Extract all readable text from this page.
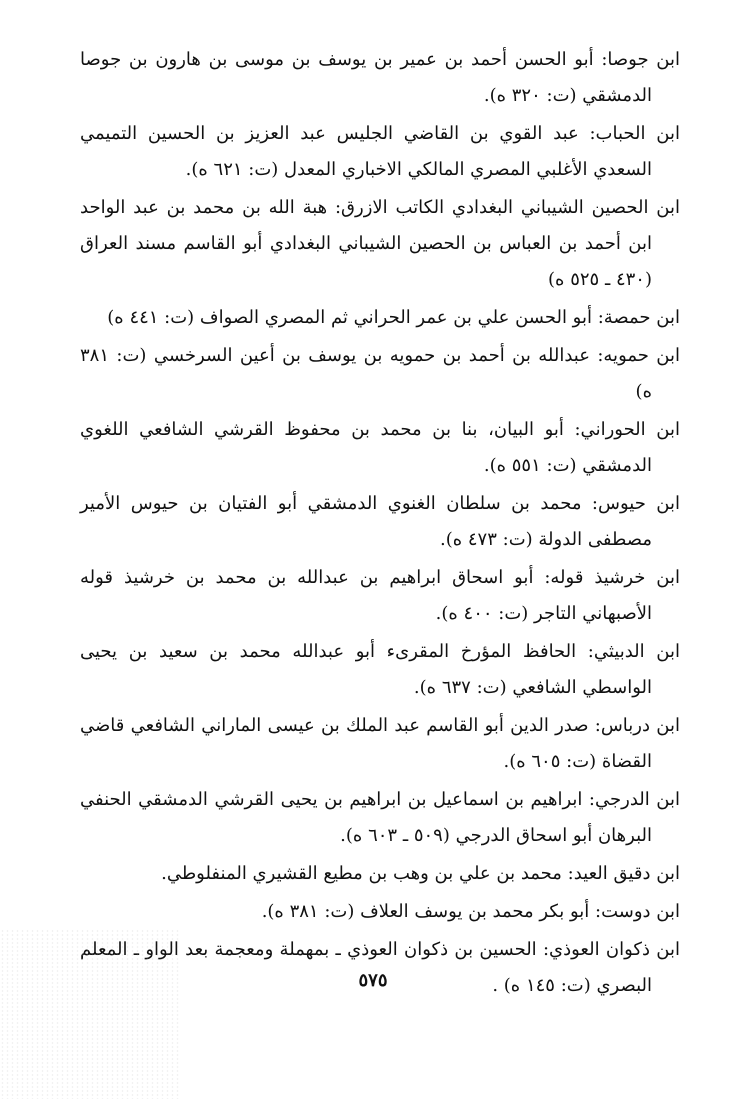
ابن جوصا: أبو الحسن أحمد بن عمير بن يوسف بن موسى بن هارون بن جوصا الدمشقي (ت: ٣٢٠ ه).

ابن الحباب: عبد القوي بن القاضي الجليس عبد العزيز بن الحسين التميمي السعدي الأغلبي المصري المالكي الاخباري المعدل (ت: ٦٢١ ه).

ابن الحصين الشيباني البغدادي الكاتب الازرق: هبة الله بن محمد بن عبد الواحد ابن أحمد بن العباس بن الحصين الشيباني البغدادي أبو القاسم مسند العراق (٤٣٠ ـ ٥٢٥ ه)

ابن حمصة: أبو الحسن علي بن عمر الحراني ثم المصري الصواف (ت: ٤٤١ ه)

ابن حمويه: عبدالله بن أحمد بن حمويه بن يوسف بن أعين السرخسي (ت: ٣٨١ ه)

ابن الحوراني: أبو البيان، بنا بن محمد بن محفوظ القرشي الشافعي اللغوي الدمشقي (ت: ٥٥١ ه).

ابن حيوس: محمد بن سلطان الغنوي الدمشقي أبو الفتيان بن حيوس الأمير مصطفى الدولة (ت: ٤٧٣ ه).

ابن خرشيذ قوله: أبو اسحاق ابراهيم بن عبدالله بن محمد بن خرشيذ قوله الأصبهاني التاجر (ت: ٤٠٠ ه).

ابن الدبيثي: الحافظ المؤرخ المقرىء أبو عبدالله محمد بن سعيد بن يحيى الواسطي الشافعي (ت: ٦٣٧ ه).

ابن درباس: صدر الدين أبو القاسم عبد الملك بن عيسى الماراني الشافعي قاضي القضاة (ت: ٦٠٥ ه).

ابن الدرجي: ابراهيم بن اسماعيل بن ابراهيم بن يحيى القرشي الدمشقي الحنفي البرهان أبو اسحاق الدرجي (٥٠٩ ـ ٦٠٣ ه).

ابن دقيق العيد: محمد بن علي بن وهب بن مطيع القشيري المنفلوطي.

ابن دوست: أبو بكر محمد بن يوسف العلاف (ت: ٣٨١ ه).

ابن ذكوان العوذي: الحسين بن ذكوان العوذي ـ بمهملة ومعجمة بعد الواو ـ المعلم البصري (ت: ١٤٥ ه) .

٥٧٥
